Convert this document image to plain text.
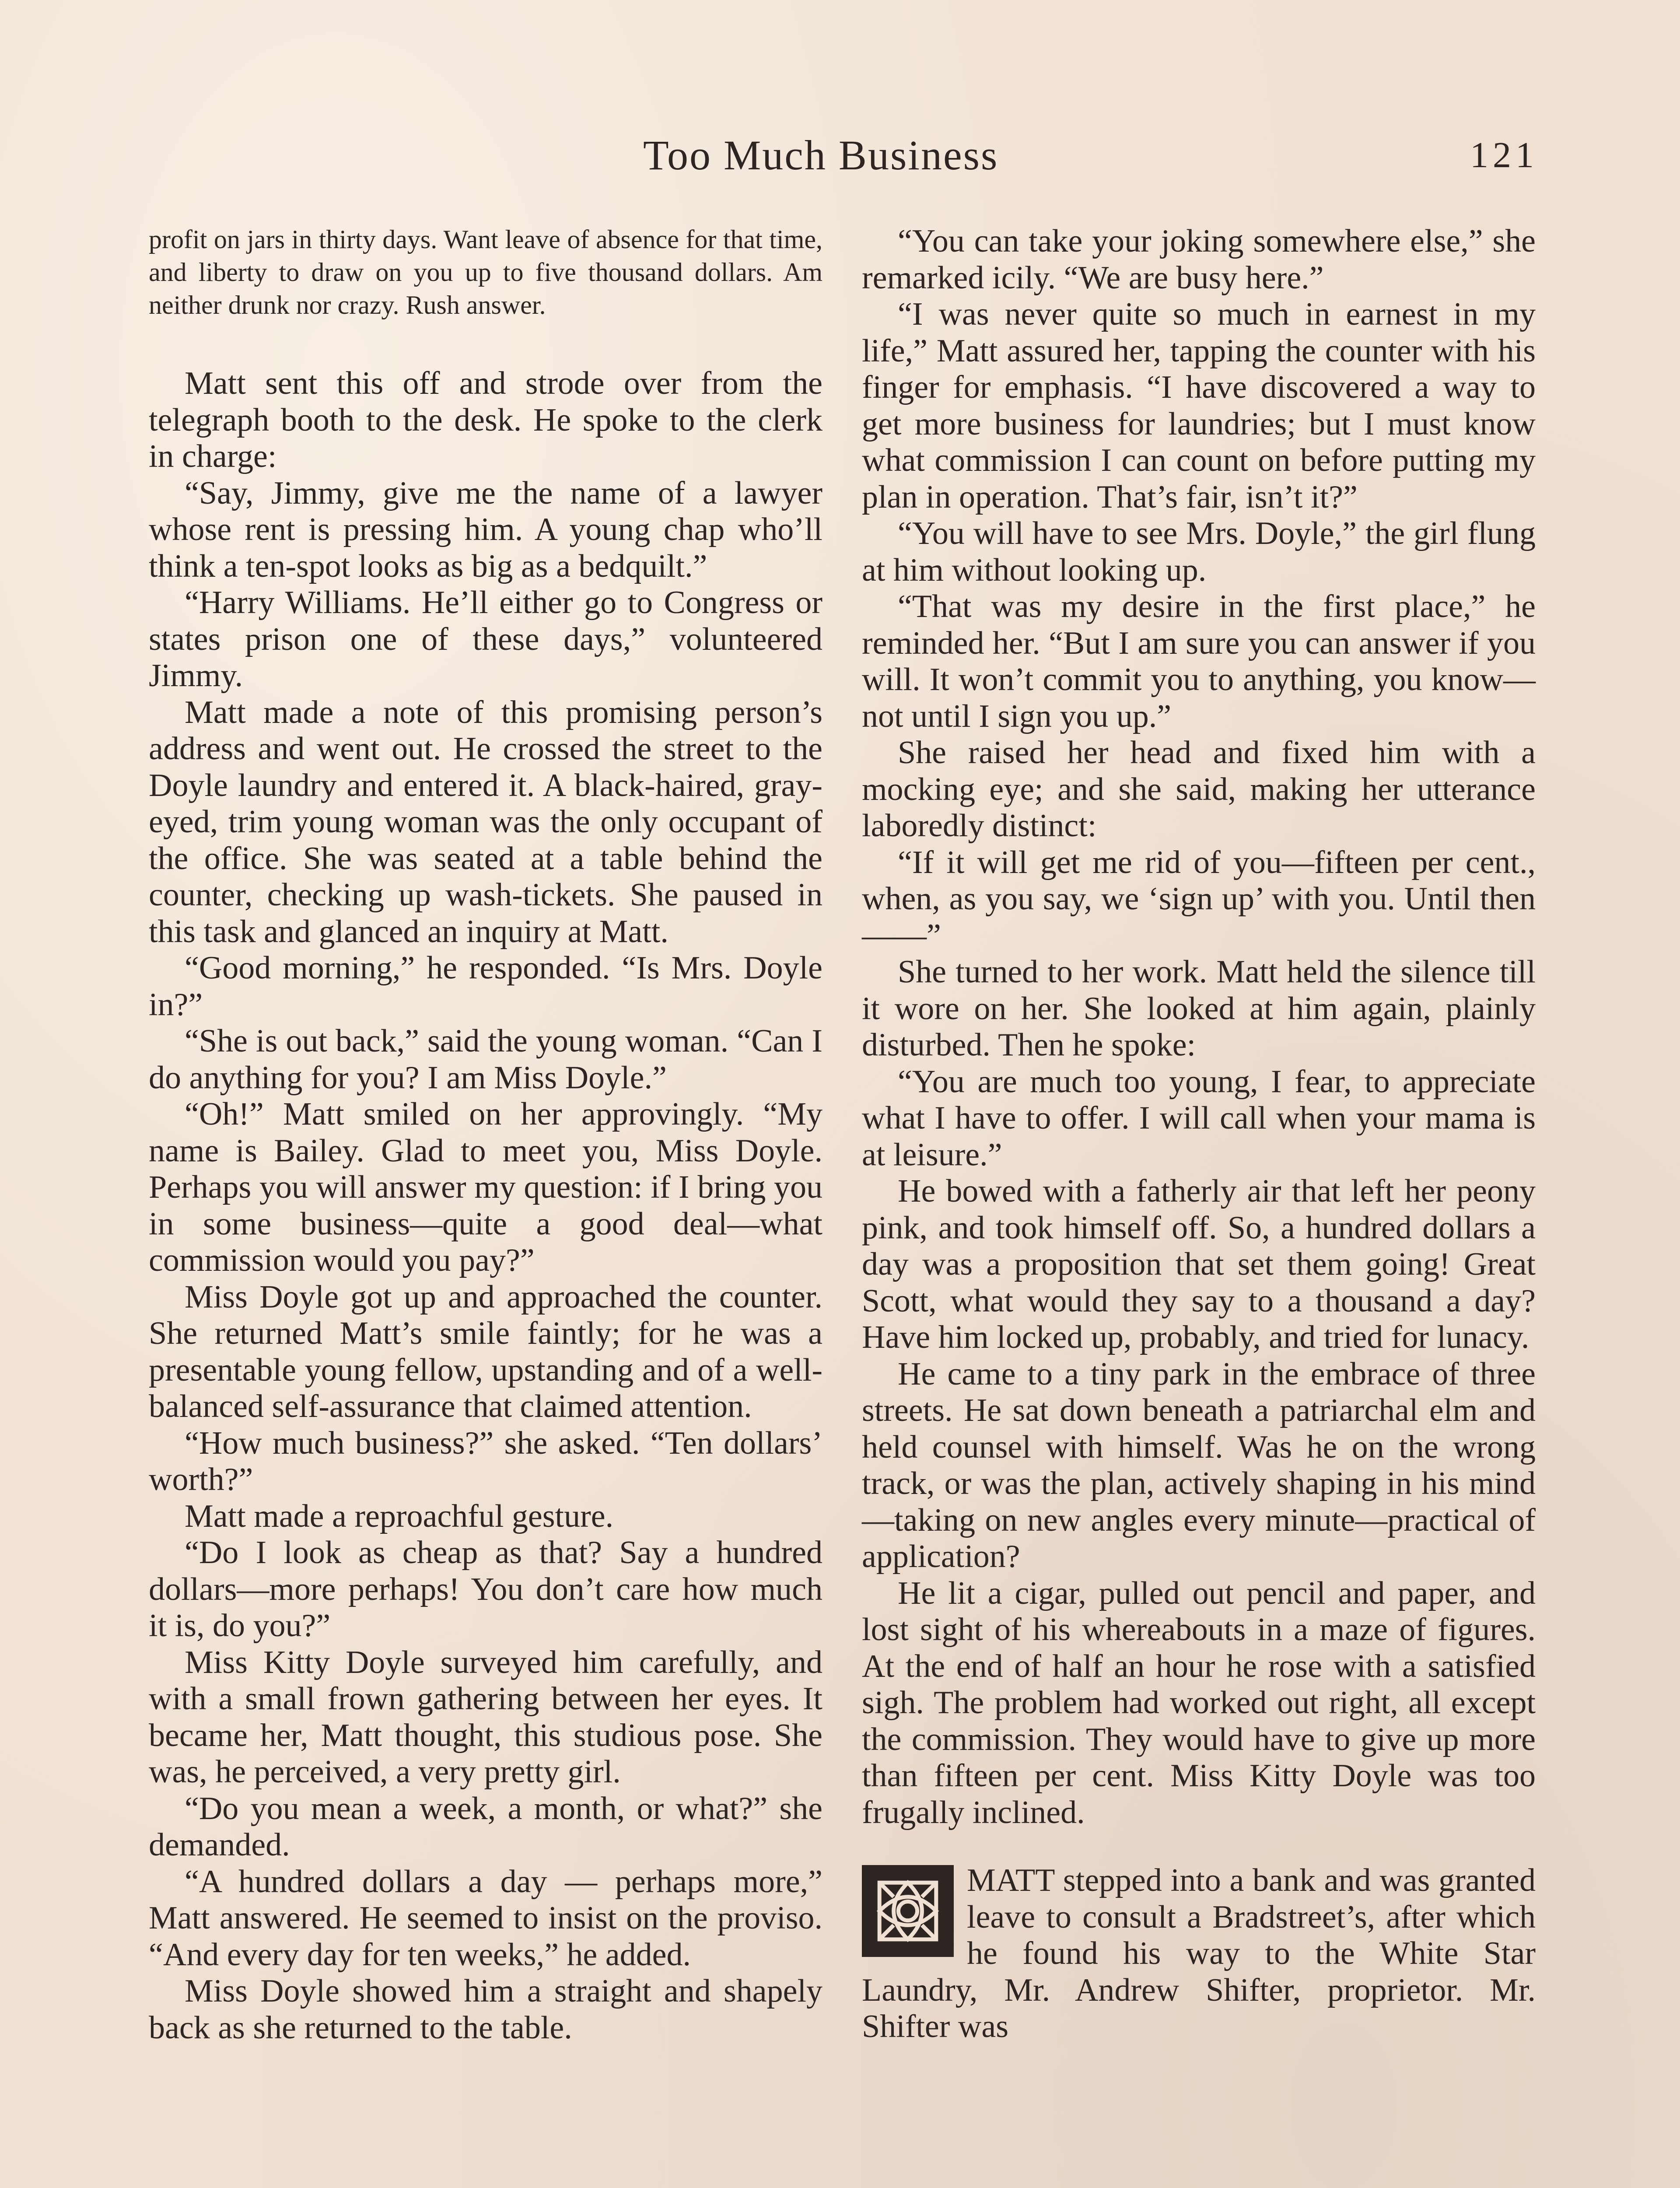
Too Much Business	121

profit on jars in thirty days. Want leave of absence for that time, and liberty to draw on you up to five thousand dollars. Am neither drunk nor crazy. Rush answer.

Matt sent this off and strode over from the telegraph booth to the desk. He spoke to the clerk in charge:

“Say, Jimmy, give me the name of a lawyer whose rent is pressing him. A young chap who’ll think a ten-spot looks as big as a bedquilt.”

“Harry Williams. He’ll either go to Congress or states prison one of these days,” volunteered Jimmy.

Matt made a note of this promising person’s address and went out. He crossed the street to the Doyle laundry and entered it. A black-haired, gray-eyed, trim young woman was the only occupant of the office. She was seated at a table behind the counter, checking up wash-tickets. She paused in this task and glanced an inquiry at Matt.

“Good morning,” he responded. “Is Mrs. Doyle in?”

“She is out back,” said the young woman. “Can I do anything for you? I am Miss Doyle.”

“Oh!” Matt smiled on her approvingly. “My name is Bailey. Glad to meet you, Miss Doyle. Perhaps you will answer my question: if I bring you in some business—quite a good deal—what commission would you pay?”

Miss Doyle got up and approached the counter. She returned Matt’s smile faintly; for he was a presentable young fellow, upstanding and of a well-balanced self-assurance that claimed attention.

“How much business?” she asked. “Ten dollars’ worth?”

Matt made a reproachful gesture.

“Do I look as cheap as that? Say a hundred dollars—more perhaps! You don’t care how much it is, do you?”

Miss Kitty Doyle surveyed him carefully, and with a small frown gathering between her eyes. It became her, Matt thought, this studious pose. She was, he perceived, a very pretty girl.

“Do you mean a week, a month, or what?” she demanded.

“A hundred dollars a day — perhaps more,” Matt answered. He seemed to insist on the proviso. “And every day for ten weeks,” he added.

Miss Doyle showed him a straight and shapely back as she returned to the table.

“You can take your joking somewhere else,” she remarked icily. “We are busy here.”

“I was never quite so much in earnest in my life,” Matt assured her, tapping the counter with his finger for emphasis. “I have discovered a way to get more business for laundries; but I must know what commission I can count on before putting my plan in operation. That’s fair, isn’t it?”

“You will have to see Mrs. Doyle,” the girl flung at him without looking up.

“That was my desire in the first place,” he reminded her. “But I am sure you can answer if you will. It won’t commit you to anything, you know—not until I sign you up.”

She raised her head and fixed him with a mocking eye; and she said, making her utterance laboredly distinct:

“If it will get me rid of you—fifteen per cent., when, as you say, we ‘sign up’ with you. Until then——”

She turned to her work. Matt held the silence till it wore on her. She looked at him again, plainly disturbed. Then he spoke:

“You are much too young, I fear, to appreciate what I have to offer. I will call when your mama is at leisure.”

He bowed with a fatherly air that left her peony pink, and took himself off. So, a hundred dollars a day was a proposition that set them going! Great Scott, what would they say to a thousand a day? Have him locked up, probably, and tried for lunacy.

He came to a tiny park in the embrace of three streets. He sat down beneath a patriarchal elm and held counsel with himself. Was he on the wrong track, or was the plan, actively shaping in his mind—taking on new angles every minute—practical of application?

He lit a cigar, pulled out pencil and paper, and lost sight of his whereabouts in a maze of figures. At the end of half an hour he rose with a satisfied sigh. The problem had worked out right, all except the commission. They would have to give up more than fifteen per cent. Miss Kitty Doyle was too frugally inclined.

MATT stepped into a bank and was granted leave to consult a Bradstreet’s, after which he found his way to the White Star Laundry, Mr. Andrew Shifter, proprietor. Mr. Shifter was
